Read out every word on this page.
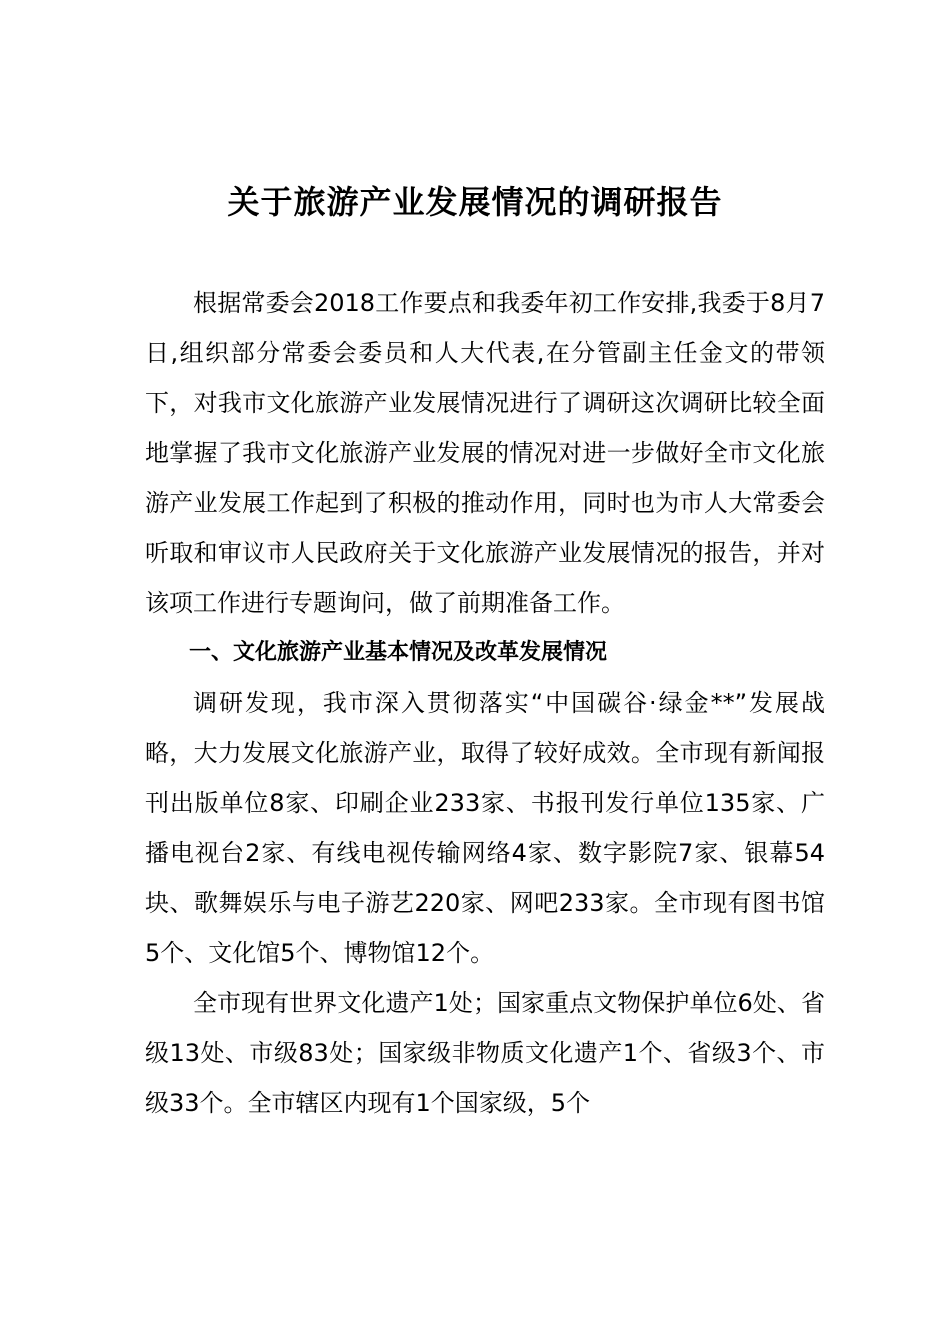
关于旅游产业发展情况的调研报告

根据常委会2018工作要点和我委年初工作安排,我委于8月7日,组织部分常委会委员和人大代表,在分管副主任金文的带领下，对我市文化旅游产业发展情况进行了调研这次调研比较全面地掌握了我市文化旅游产业发展的情况对进一步做好全市文化旅游产业发展工作起到了积极的推动作用，同时也为市人大常委会听取和审议市人民政府关于文化旅游产业发展情况的报告，并对该项工作进行专题询问，做了前期准备工作。

一、文化旅游产业基本情况及改革发展情况

调研发现，我市深入贯彻落实“中国碳谷·绿金**”发展战略，大力发展文化旅游产业，取得了较好成效。全市现有新闻报刊出版单位8家、印刷企业233家、书报刊发行单位135家、广播电视台2家、有线电视传输网络4家、数字影院7家、银幕54块、歌舞娱乐与电子游艺220家、网吧233家。全市现有图书馆5个、文化馆5个、博物馆12个。

全市现有世界文化遗产1处；国家重点文物保护单位6处、省级13处、市级83处；国家级非物质文化遗产1个、省级3个、市级33个。全市辖区内现有1个国家级，5个
